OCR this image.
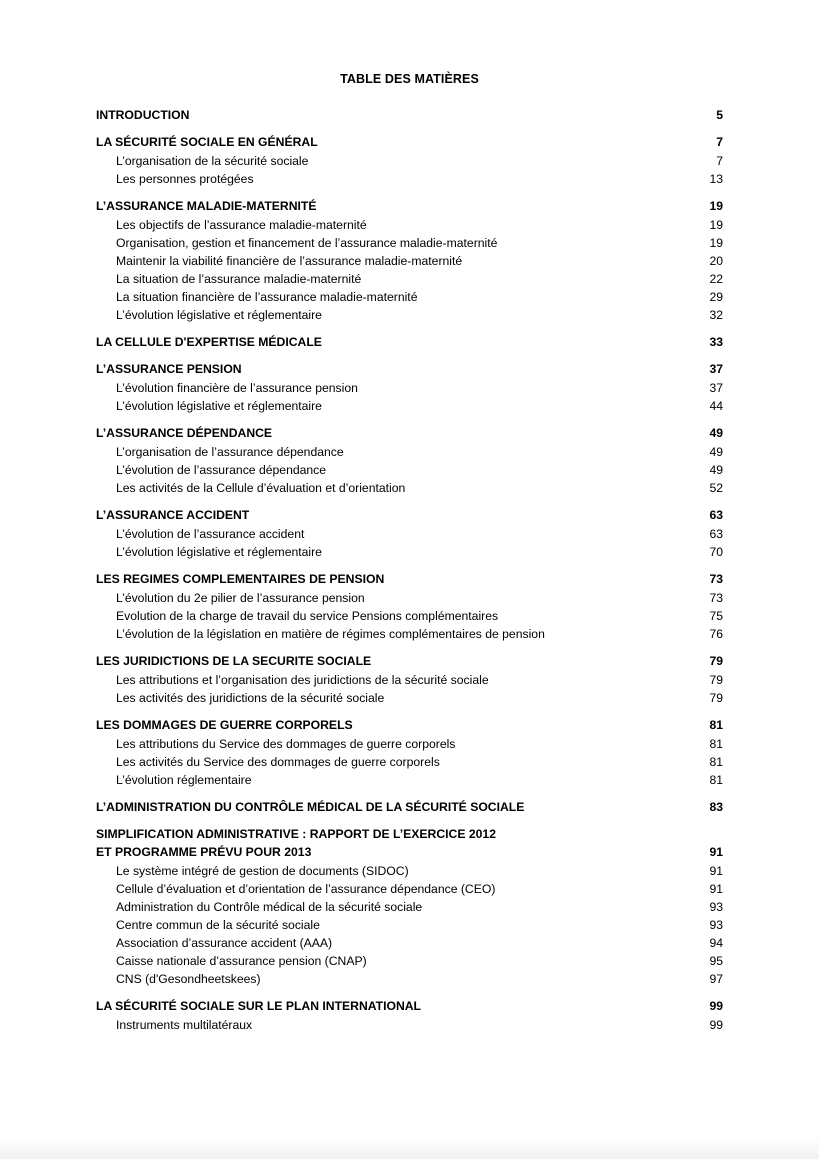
TABLE DES MATIÈRES
INTRODUCTION	5
LA SÉCURITÉ SOCIALE EN GÉNÉRAL	7
L’organisation de la sécurité sociale	7
Les personnes protégées	13
L’ASSURANCE MALADIE-MATERNITÉ	19
Les objectifs de l’assurance maladie-maternité	19
Organisation, gestion et financement de l’assurance maladie-maternité	19
Maintenir la viabilité financière de l’assurance maladie-maternité	20
La situation de l’assurance maladie-maternité	22
La situation financière de l’assurance maladie-maternité	29
L’évolution législative et réglementaire	32
LA CELLULE D'EXPERTISE MÉDICALE	33
L’ASSURANCE PENSION	37
L’évolution financière de l’assurance pension	37
L’évolution législative et réglementaire	44
L’ASSURANCE DÉPENDANCE	49
L’organisation de l’assurance dépendance	49
L’évolution de l’assurance dépendance	49
Les activités de la Cellule d’évaluation et d’orientation	52
L’ASSURANCE ACCIDENT	63
L’évolution de l’assurance accident	63
L’évolution législative et réglementaire	70
LES REGIMES COMPLEMENTAIRES DE PENSION	73
L’évolution du 2e pilier de l’assurance pension	73
Evolution de la charge de travail du service Pensions complémentaires	75
L’évolution de la législation en matière de régimes complémentaires de pension	76
LES JURIDICTIONS DE LA SECURITE SOCIALE	79
Les attributions et l’organisation des juridictions de la sécurité sociale	79
Les activités des juridictions de la sécurité sociale	79
LES DOMMAGES DE GUERRE CORPORELS	81
Les attributions du Service des dommages de guerre corporels	81
Les activités du Service des dommages de guerre corporels	81
L’évolution réglementaire	81
L’ADMINISTRATION DU CONTRÔLE MÉDICAL DE LA SÉCURITÉ SOCIALE	83
SIMPLIFICATION ADMINISTRATIVE : RAPPORT DE L’EXERCICE 2012
ET PROGRAMME PRÉVU POUR 2013	91
Le système intégré de gestion de documents (SIDOC)	91
Cellule d’évaluation et d’orientation de l’assurance dépendance (CEO)	91
Administration du Contrôle médical de la sécurité sociale	93
Centre commun de la sécurité sociale	93
Association d’assurance accident (AAA)	94
Caisse nationale d’assurance pension (CNAP)	95
CNS (d'Gesondheetskees)	97
LA SÉCURITÉ SOCIALE SUR LE PLAN INTERNATIONAL	99
Instruments multilatéraux	99
